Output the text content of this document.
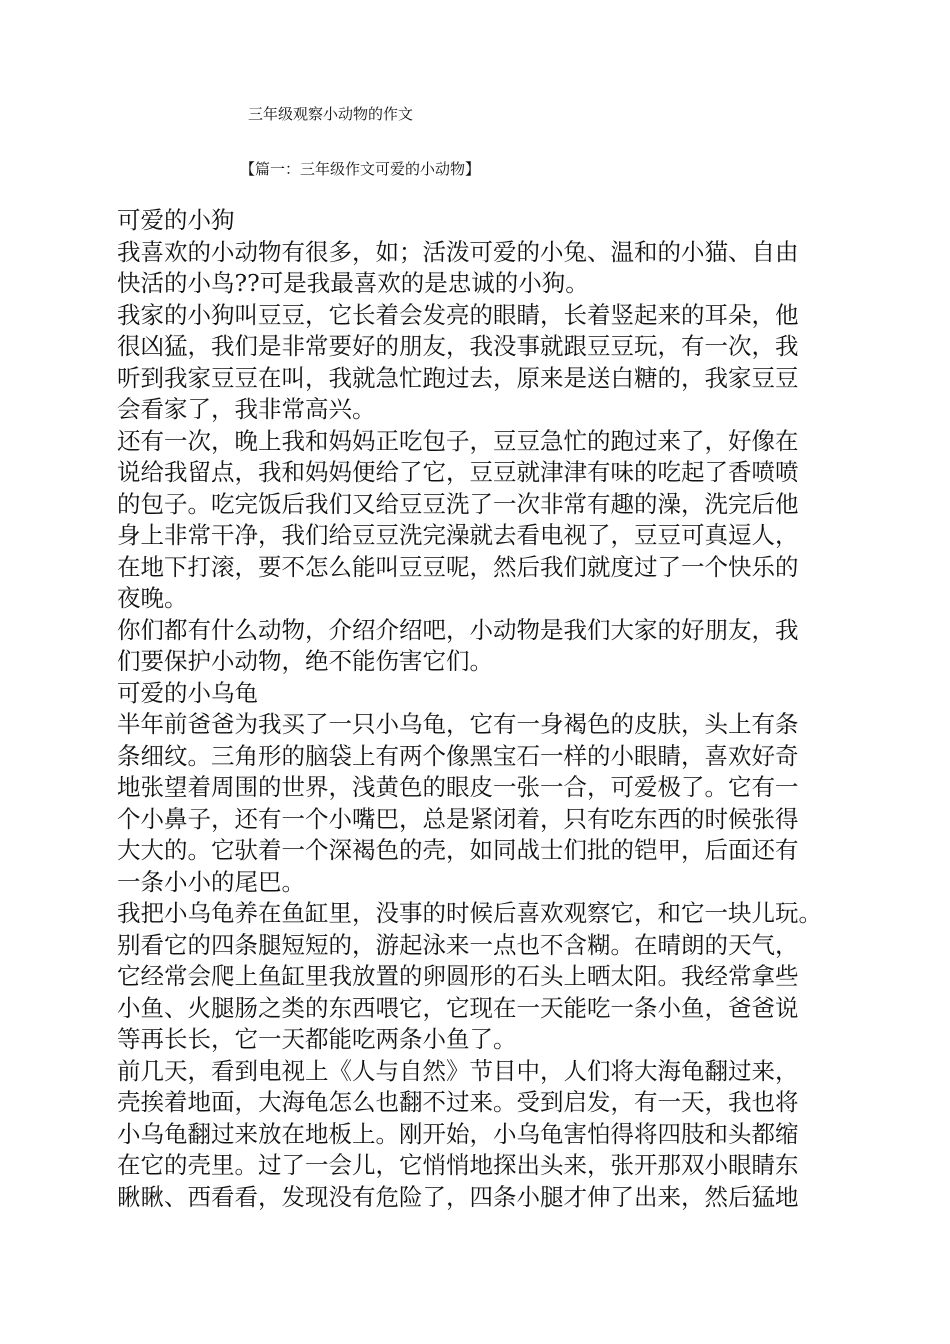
三年级观察小动物的作文

【篇一：三年级作文可爱的小动物】

可爱的小狗
我喜欢的小动物有很多，如；活泼可爱的小兔、温和的小猫、自由
快活的小鸟??可是我最喜欢的是忠诚的小狗。
我家的小狗叫豆豆，它长着会发亮的眼睛，长着竖起来的耳朵，他
很凶猛，我们是非常要好的朋友，我没事就跟豆豆玩，有一次，我
听到我家豆豆在叫，我就急忙跑过去，原来是送白糖的，我家豆豆
会看家了，我非常高兴。
还有一次，晚上我和妈妈正吃包子，豆豆急忙的跑过来了，好像在
说给我留点，我和妈妈便给了它，豆豆就津津有味的吃起了香喷喷
的包子。吃完饭后我们又给豆豆洗了一次非常有趣的澡，洗完后他
身上非常干净，我们给豆豆洗完澡就去看电视了，豆豆可真逗人，
在地下打滚，要不怎么能叫豆豆呢，然后我们就度过了一个快乐的
夜晚。
你们都有什么动物，介绍介绍吧，小动物是我们大家的好朋友，我
们要保护小动物，绝不能伤害它们。
可爱的小乌龟
半年前爸爸为我买了一只小乌龟，它有一身褐色的皮肤，头上有条
条细纹。三角形的脑袋上有两个像黑宝石一样的小眼睛，喜欢好奇
地张望着周围的世界，浅黄色的眼皮一张一合，可爱极了。它有一
个小鼻子，还有一个小嘴巴，总是紧闭着，只有吃东西的时候张得
大大的。它驮着一个深褐色的壳，如同战士们批的铠甲，后面还有
一条小小的尾巴。
我把小乌龟养在鱼缸里，没事的时候后喜欢观察它，和它一块儿玩。
别看它的四条腿短短的，游起泳来一点也不含糊。在晴朗的天气，
它经常会爬上鱼缸里我放置的卵圆形的石头上晒太阳。我经常拿些
小鱼、火腿肠之类的东西喂它，它现在一天能吃一条小鱼，爸爸说
等再长长，它一天都能吃两条小鱼了。
前几天，看到电视上《人与自然》节目中，人们将大海龟翻过来，
壳挨着地面，大海龟怎么也翻不过来。受到启发，有一天，我也将
小乌龟翻过来放在地板上。刚开始，小乌龟害怕得将四肢和头都缩
在它的壳里。过了一会儿，它悄悄地探出头来，张开那双小眼睛东
瞅瞅、西看看，发现没有危险了，四条小腿才伸了出来，然后猛地
